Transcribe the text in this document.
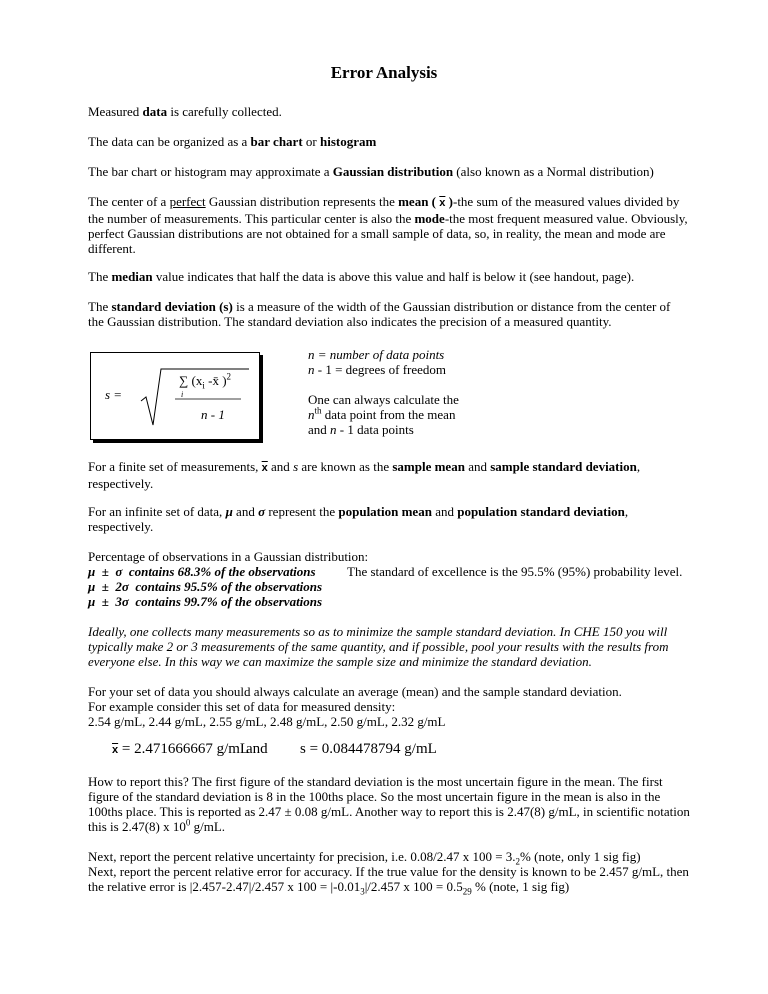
Error Analysis

Measured data is carefully collected.

The data can be organized as a bar chart or histogram

The bar chart or histogram may approximate a Gaussian distribution (also known as a Normal distribution)

The center of a perfect Gaussian distribution represents the mean ( $\overline{x}$ )-the sum of the measured values divided by the number of measurements. This particular center is also the mode-the most frequent measured value. Obviously, perfect Gaussian distributions are not obtained for a small sample of data, so, in reality, the mean and mode are different.

The median value indicates that half the data is above this value and half is below it (see handout, page).

The standard deviation (s) is a measure of the width of the Gaussian distribution or distance from the center of the Gaussian distribution. The standard deviation also indicates the precision of a measured quantity.

s =
∑ ($x_i$ -x̄ )$^2$
i
n - 1
n = number of data points
n - 1 = degrees of freedom
One can always calculate the
$n^{th}$ data point from the mean
and n - 1 data points

For a finite set of measurements, $\overline{x}$ and s are known as the sample mean and sample standard deviation, respectively.

For an infinite set of data, μ and σ represent the population mean and population standard deviation, respectively.

Percentage of observations in a Gaussian distribution:
μ  ±  σ  contains 68.3% of the observations
μ  ±  2σ  contains 95.5% of the observations
μ  ±  3σ  contains 99.7% of the observations
The standard of excellence is the 95.5% (95%) probability level.

Ideally, one collects many measurements so as to minimize the sample standard deviation. In CHE 150 you will typically make 2 or 3 measurements of the same quantity, and if possible, pool your results with the results from everyone else. In this way we can maximize the sample size and minimize the standard deviation.

For your set of data you should always calculate an average (mean) and the sample standard deviation.
For example consider this set of data for measured density:
2.54 g/mL, 2.44 g/mL, 2.55 g/mL, 2.48 g/mL, 2.50 g/mL, 2.32 g/mL
$\overline{x} = 2.471666667$ g/mL
and s = 0.084478794 g/mL

How to report this? The first figure of the standard deviation is the most uncertain figure in the mean. The first figure of the standard deviation is 8 in the 100ths place. So the most uncertain figure in the mean is also in the 100ths place. This is reported as 2.47 ± 0.08 g/mL. Another way to report this is 2.47(8) g/mL, in scientific notation this is 2.47(8) x $10^0$ g/mL.

Next, report the percent relative uncertainty for precision, i.e. 0.08/2.47 x $100 = 3._2\%$ (note, only 1 sig fig)
Next, report the percent relative error for accuracy. If the true value for the density is known to be 2.457 g/mL, then
the relative error is |2.457-2.47|/2.457 x $100 = |-0.01_3|/2.457$ x $100 = 0.5_{29}$ % (note, 1 sig fig)
